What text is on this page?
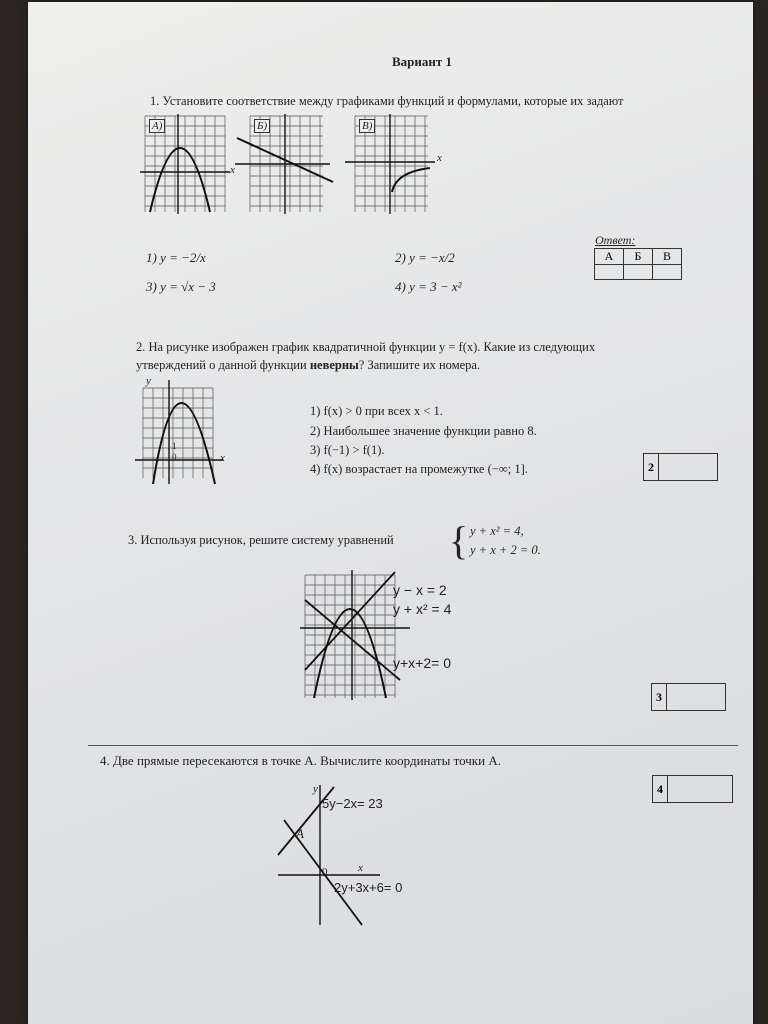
Вариант 1
1. Установите соответствие между графиками функций и формулами, которые их задают
А)
x
Б)	В)
x
1) y = −2/x	2) y = −x/2
3) y = √x − 3	4) y = 3 − x²
Ответ:
А	Б	В

2. На рисунке изображен график квадратичной функции y = f(x). Какие из следующих
утверждений о данной функции неверны? Запишите их номера.
y
1
0	x
1) f(x) > 0 при всех x < 1.
2) Наибольшее значение функции равно 8.
3) f(−1) > f(1).
4) f(x) возрастает на промежутке (−∞; 1].	2
3. Используя рисунок, решите систему уравнений { y + x² = 4,
y + x + 2 = 0.
y − x = 2
y + x² = 4
y+x+2= 0
3
4. Две прямые пересекаются в точке A. Вычислите координаты точки A.
4
5y−2x= 23
2y+3x+6= 0
A
0	x
y
